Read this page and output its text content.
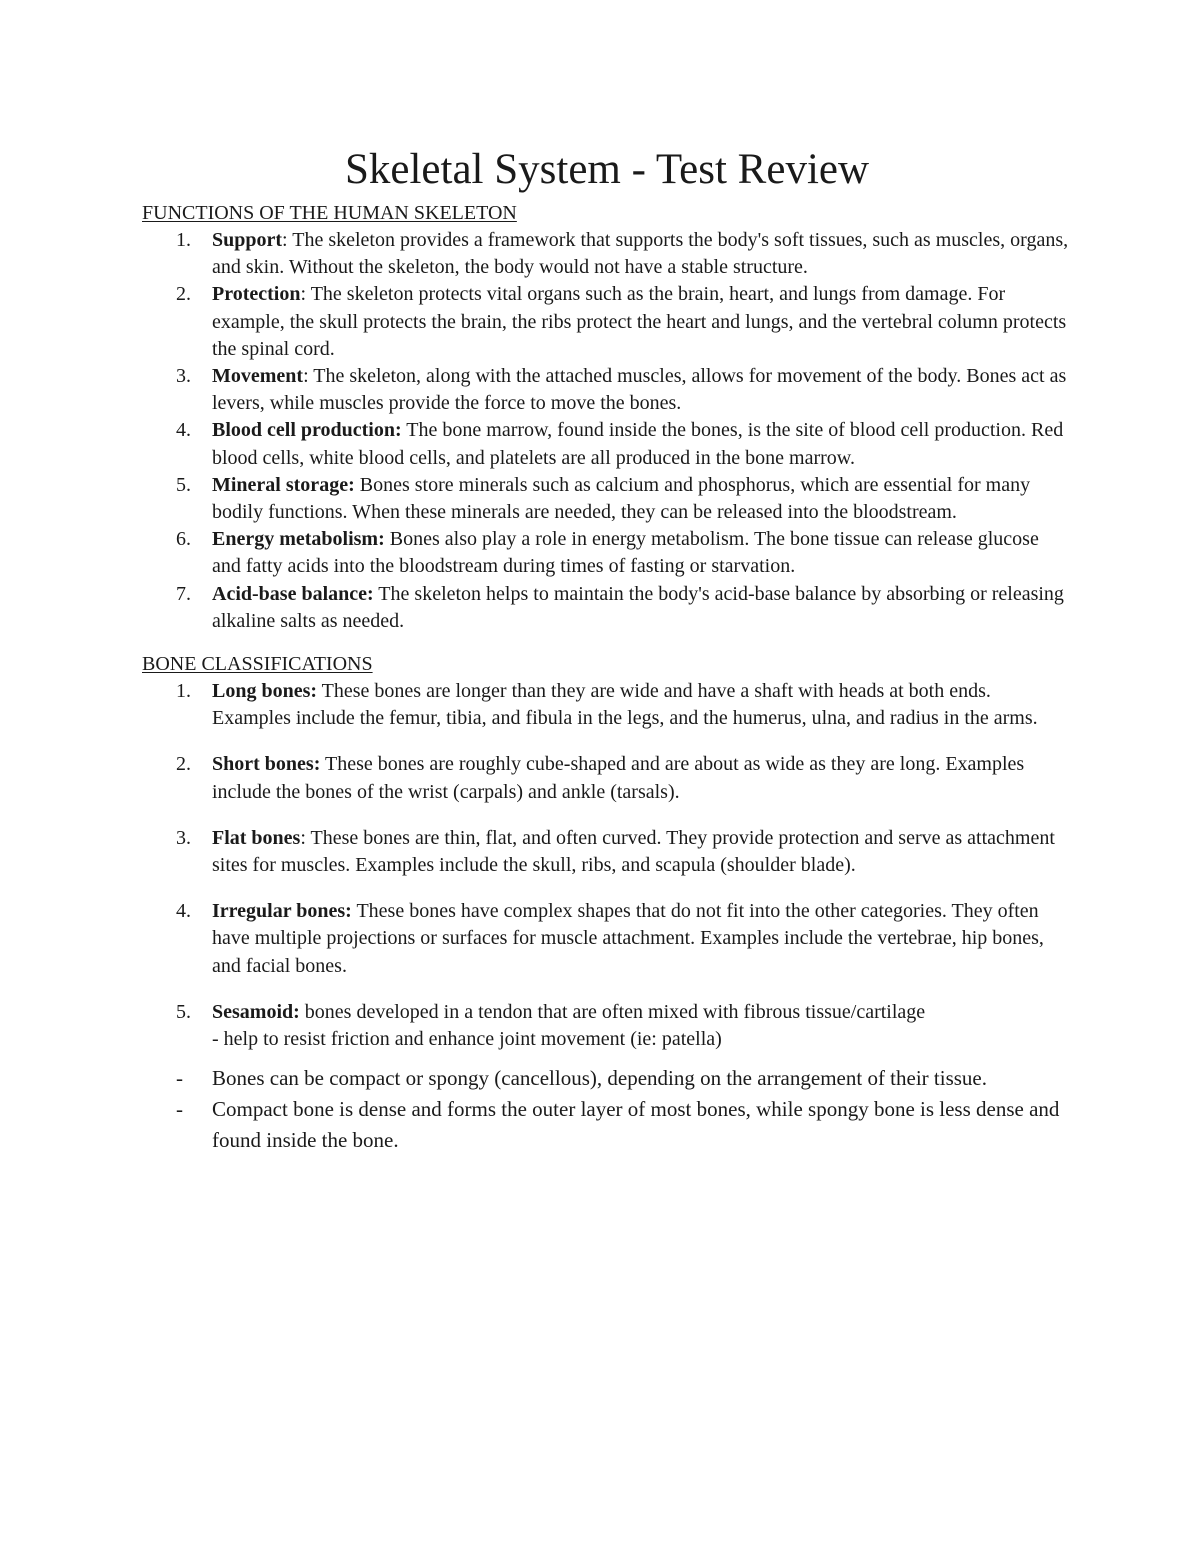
Skeletal System - Test Review
FUNCTIONS OF THE HUMAN SKELETON
1. Support: The skeleton provides a framework that supports the body's soft tissues, such as muscles, organs, and skin. Without the skeleton, the body would not have a stable structure.
2. Protection: The skeleton protects vital organs such as the brain, heart, and lungs from damage. For example, the skull protects the brain, the ribs protect the heart and lungs, and the vertebral column protects the spinal cord.
3. Movement: The skeleton, along with the attached muscles, allows for movement of the body. Bones act as levers, while muscles provide the force to move the bones.
4. Blood cell production: The bone marrow, found inside the bones, is the site of blood cell production. Red blood cells, white blood cells, and platelets are all produced in the bone marrow.
5. Mineral storage: Bones store minerals such as calcium and phosphorus, which are essential for many bodily functions. When these minerals are needed, they can be released into the bloodstream.
6. Energy metabolism: Bones also play a role in energy metabolism. The bone tissue can release glucose and fatty acids into the bloodstream during times of fasting or starvation.
7. Acid-base balance: The skeleton helps to maintain the body's acid-base balance by absorbing or releasing alkaline salts as needed.
BONE CLASSIFICATIONS
1. Long bones: These bones are longer than they are wide and have a shaft with heads at both ends. Examples include the femur, tibia, and fibula in the legs, and the humerus, ulna, and radius in the arms.
2. Short bones: These bones are roughly cube-shaped and are about as wide as they are long. Examples include the bones of the wrist (carpals) and ankle (tarsals).
3. Flat bones: These bones are thin, flat, and often curved. They provide protection and serve as attachment sites for muscles. Examples include the skull, ribs, and scapula (shoulder blade).
4. Irregular bones: These bones have complex shapes that do not fit into the other categories. They often have multiple projections or surfaces for muscle attachment. Examples include the vertebrae, hip bones, and facial bones.
5. Sesamoid: bones developed in a tendon that are often mixed with fibrous tissue/cartilage
- help to resist friction and enhance joint movement (ie: patella)
- Bones can be compact or spongy (cancellous), depending on the arrangement of their tissue.
- Compact bone is dense and forms the outer layer of most bones, while spongy bone is less dense and found inside the bone.
